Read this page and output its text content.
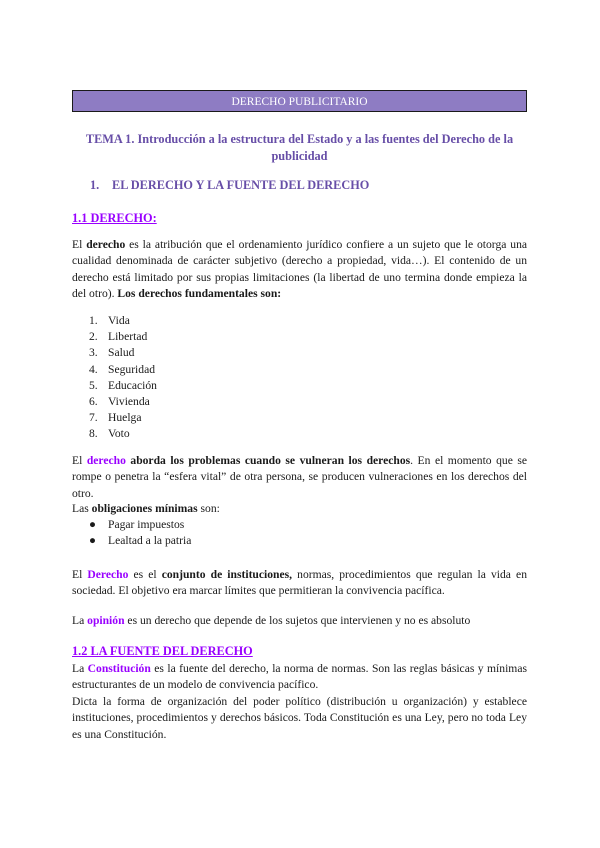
DERECHO PUBLICITARIO
TEMA 1. Introducción a la estructura del Estado y a las fuentes del Derecho de la
publicidad
1. EL DERECHO Y LA FUENTE DEL DERECHO
1.1 DERECHO:
El derecho es la atribución que el ordenamiento jurídico confiere a un sujeto que le otorga una cualidad denominada de carácter subjetivo (derecho a propiedad, vida…). El contenido de un derecho está limitado por sus propias limitaciones (la libertad de uno termina donde empieza la del otro). Los derechos fundamentales son:
1. Vida
2. Libertad
3. Salud
4. Seguridad
5. Educación
6. Vivienda
7. Huelga
8. Voto
El derecho aborda los problemas cuando se vulneran los derechos. En el momento que se rompe o penetra la “esfera vital” de otra persona, se producen vulneraciones en los derechos del otro.
Las obligaciones mínimas son:
● Pagar impuestos
● Lealtad a la patria
El Derecho es el conjunto de instituciones, normas, procedimientos que regulan la vida en sociedad. El objetivo era marcar límites que permitieran la convivencia pacífica.
La opinión es un derecho que depende de los sujetos que intervienen y no es absoluto
1.2 LA FUENTE DEL DERECHO
La Constitución es la fuente del derecho, la norma de normas. Son las reglas básicas y mínimas estructurantes de un modelo de convivencia pacífico.
Dicta la forma de organización del poder político (distribución u organización) y establece instituciones, procedimientos y derechos básicos. Toda Constitución es una Ley, pero no toda Ley es una Constitución.
